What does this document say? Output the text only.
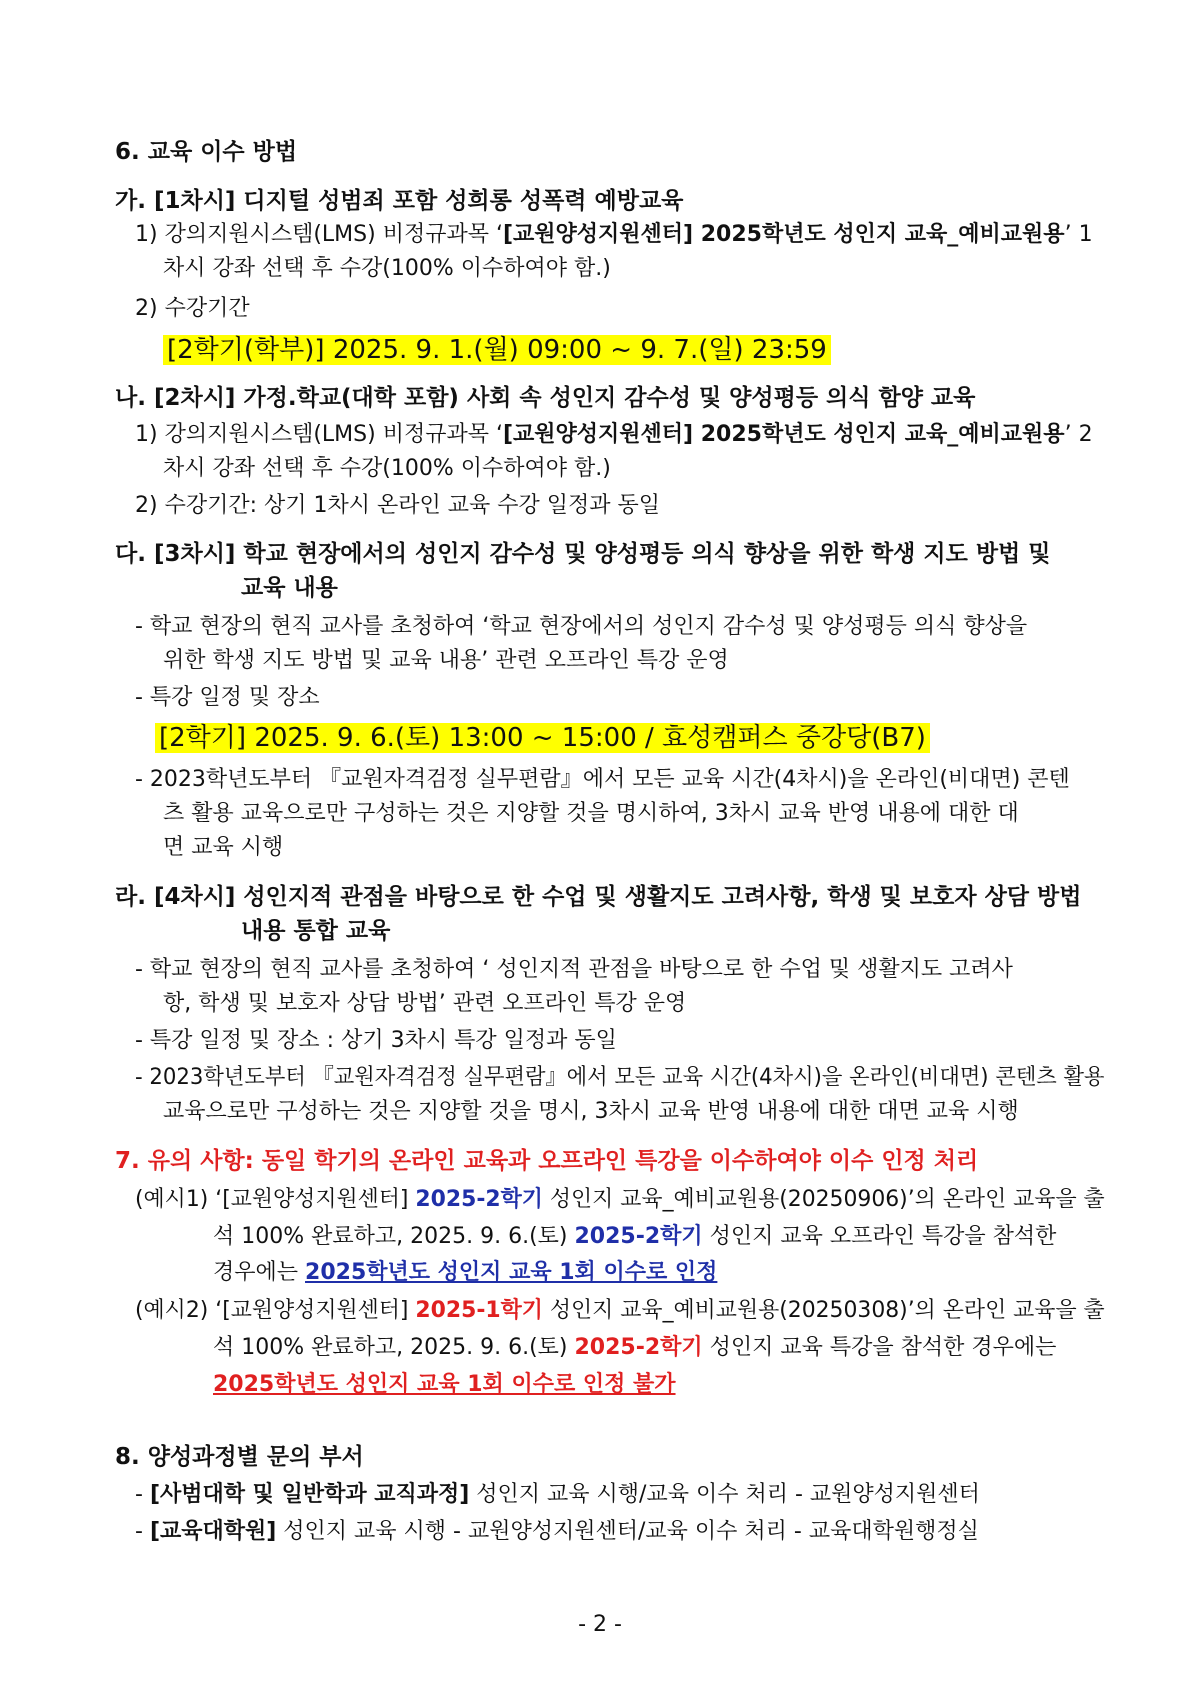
6. 교육 이수 방법
가. [1차시] 디지털 성범죄 포함 성희롱 성폭력 예방교육
1) 강의지원시스템(LMS) 비정규과목 ‘[교원양성지원센터] 2025학년도 성인지 교육_예비교원용’ 1
차시 강좌 선택 후 수강(100% 이수하여야 함.)
2) 수강기간
[2학기(학부)] 2025. 9. 1.(월) 09:00 ~ 9. 7.(일) 23:59
나. [2차시] 가정.학교(대학 포함) 사회 속 성인지 감수성 및 양성평등 의식 함양 교육
1) 강의지원시스템(LMS) 비정규과목 ‘[교원양성지원센터] 2025학년도 성인지 교육_예비교원용’ 2
차시 강좌 선택 후 수강(100% 이수하여야 함.)
2) 수강기간: 상기 1차시 온라인 교육 수강 일정과 동일
다. [3차시] 학교 현장에서의 성인지 감수성 및 양성평등 의식 향상을 위한 학생 지도 방법 및
교육 내용
- 학교 현장의 현직 교사를 초청하여 ‘학교 현장에서의 성인지 감수성 및 양성평등 의식 향상을
위한 학생 지도 방법 및 교육 내용’ 관련 오프라인 특강 운영
- 특강 일정 및 장소
[2학기] 2025. 9. 6.(토) 13:00 ~ 15:00 / 효성캠퍼스 중강당(B7)
- 2023학년도부터 『교원자격검정 실무편람』에서 모든 교육 시간(4차시)을 온라인(비대면) 콘텐
츠 활용 교육으로만 구성하는 것은 지양할 것을 명시하여, 3차시 교육 반영 내용에 대한 대
면 교육 시행
라. [4차시] 성인지적 관점을 바탕으로 한 수업 및 생활지도 고려사항, 학생 및 보호자 상담 방법
내용 통합 교육
- 학교 현장의 현직 교사를 초청하여 ‘ 성인지적 관점을 바탕으로 한 수업 및 생활지도 고려사
항, 학생 및 보호자 상담 방법’ 관련 오프라인 특강 운영
- 특강 일정 및 장소 : 상기 3차시 특강 일정과 동일
- 2023학년도부터 『교원자격검정 실무편람』에서 모든 교육 시간(4차시)을 온라인(비대면) 콘텐츠 활용
교육으로만 구성하는 것은 지양할 것을 명시, 3차시 교육 반영 내용에 대한 대면 교육 시행
7. 유의 사항: 동일 학기의 온라인 교육과 오프라인 특강을 이수하여야 이수 인정 처리
(예시1) ‘[교원양성지원센터] 2025-2학기 성인지 교육_예비교원용(20250906)’의 온라인 교육을 출
석 100% 완료하고, 2025. 9. 6.(토) 2025-2학기 성인지 교육 오프라인 특강을 참석한
경우에는 2025학년도 성인지 교육 1회 이수로 인정
(예시2) ‘[교원양성지원센터] 2025-1학기 성인지 교육_예비교원용(20250308)’의 온라인 교육을 출
석 100% 완료하고, 2025. 9. 6.(토) 2025-2학기 성인지 교육 특강을 참석한 경우에는
2025학년도 성인지 교육 1회 이수로 인정 불가
8. 양성과정별 문의 부서
- [사범대학 및 일반학과 교직과정] 성인지 교육 시행/교육 이수 처리 - 교원양성지원센터
- [교육대학원] 성인지 교육 시행 - 교원양성지원센터/교육 이수 처리 - 교육대학원행정실
- 2 -
